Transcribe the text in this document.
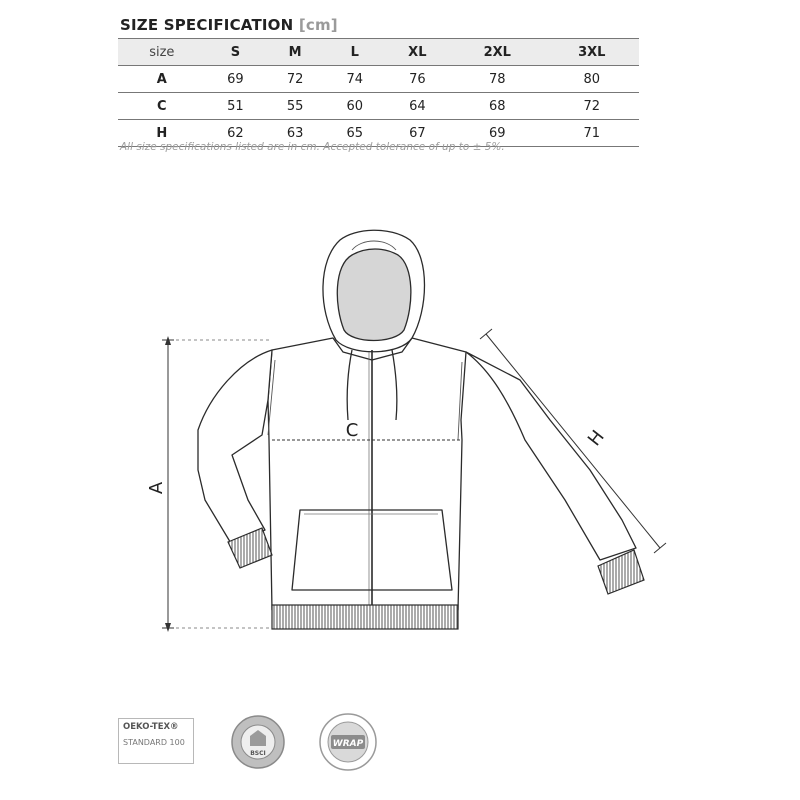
SIZE SPECIFICATION [cm]
size	S	M	L	XL	2XL	3XL
A	69	72	74	76	78	80
C	51	55	60	64	68	72
H	62	63	65	67	69	71
All size specifications listed are in cm. Accepted tolerance of up to ± 5%.
A
C	H
OEKO-TEX®
STANDARD 100
BSCI
WRAP
